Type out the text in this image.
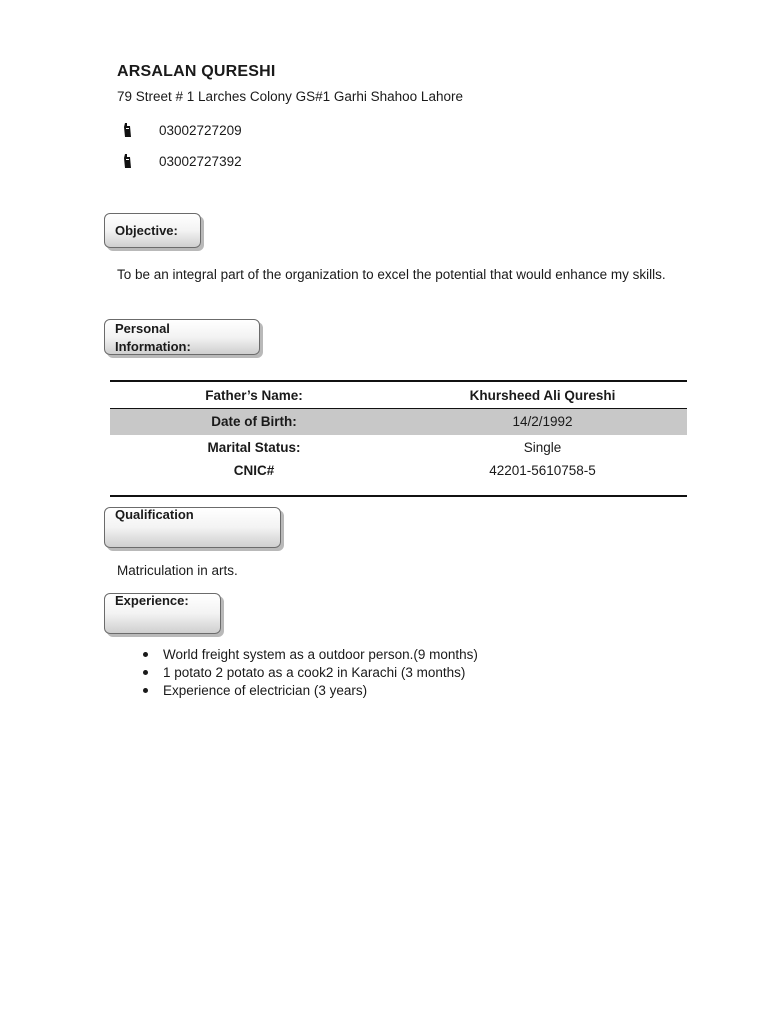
ARSALAN QURESHI
79 Street # 1 Larches Colony GS#1 Garhi Shahoo Lahore
03002727209
03002727392
Objective:
To be an integral part of the organization to excel the potential that would enhance my skills.
Personal
Information:
Father’s Name:	Khursheed Ali Qureshi
Date of Birth:	14/2/1992
Marital Status:	Single
CNIC#	42201-5610758-5
Qualification
Matriculation in arts.
Experience:
World freight system as a outdoor person.(9 months)
1 potato 2 potato as a cook2 in Karachi (3 months)
Experience of electrician (3 years)
